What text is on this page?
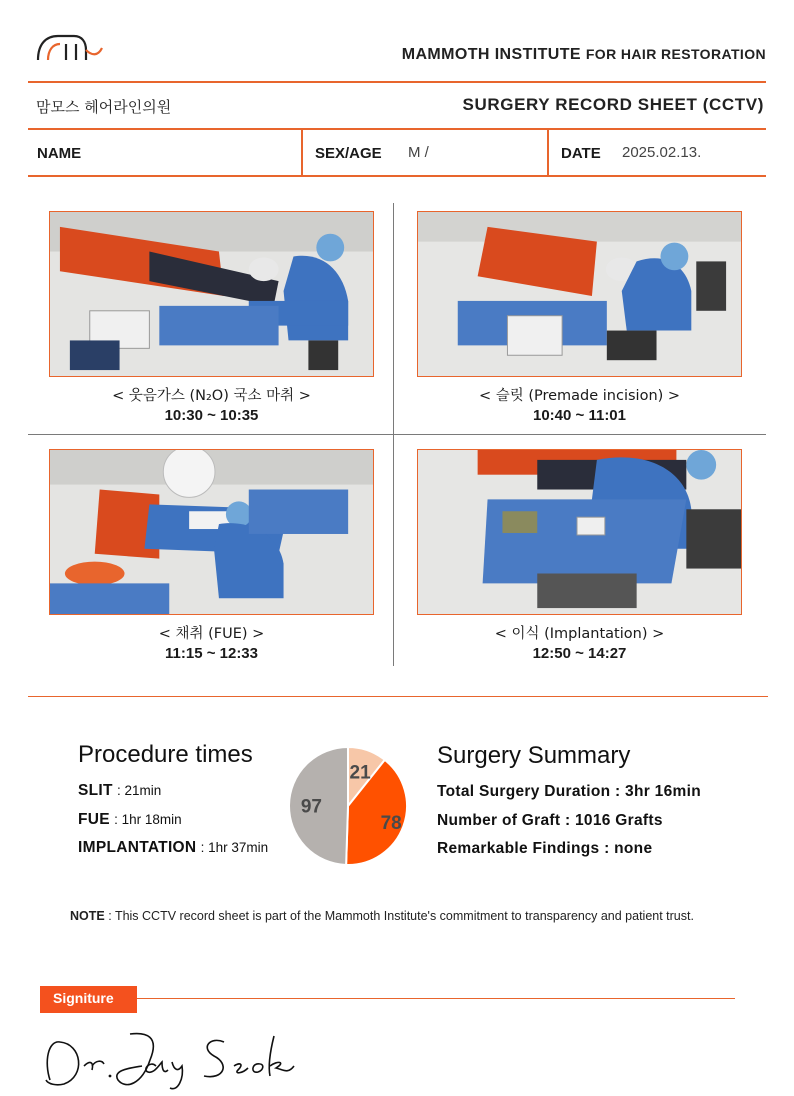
MAMMOTH INSTITUTE FOR HAIR RESTORATION
맘모스 헤어라인의원	SURGERY RECORD SHEET (CCTV)
NAME	SEX/AGE M /	DATE 2025.02.13.
< 웃음가스 (N₂O) 국소 마취 >
10:30 ~ 10:35
< 슬릿 (Premade incision) >
10:40 ~ 11:01
< 채취 (FUE) >
11:15 ~ 12:33
< 이식 (Implantation) >
12:50 ~ 14:27
Procedure times
SLIT : 21min
FUE : 1hr 18min
IMPLANTATION : 1hr 37min
21
78
97
Surgery Summary
Total Surgery Duration : 3hr 16min
Number of Graft : 1016 Grafts
Remarkable Findings : none
NOTE : This CCTV record sheet is part of the Mammoth Institute's commitment to transparency and patient trust.
Signiture
